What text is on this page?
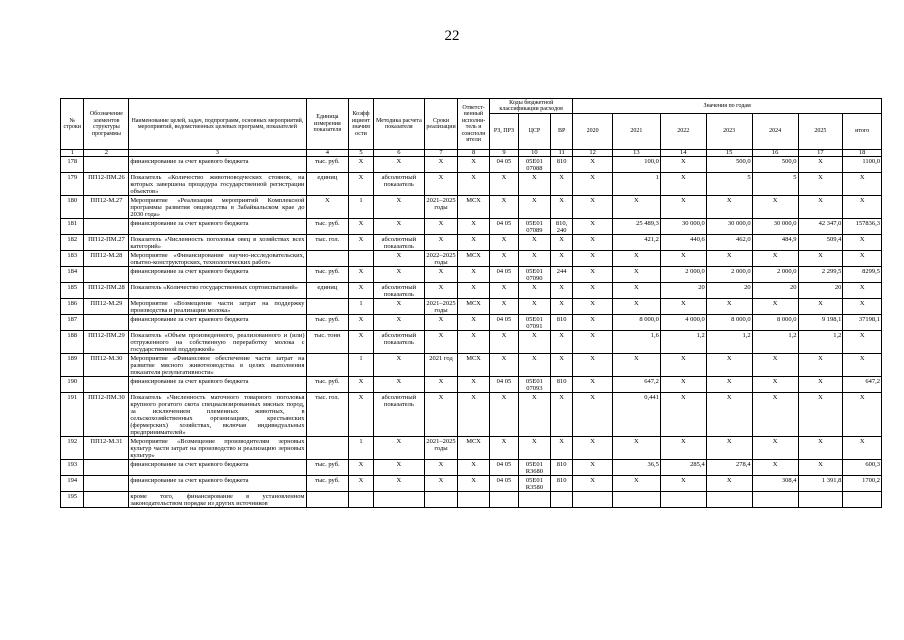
22
№ строки	Обозначение элементов структуры программы	Наименование целей, задач, подпрограмм, основных мероприятий, мероприятий, ведомственных целевых программ, показателей	Единица измерения показателя	Коэффициент значимости	Методика расчета показателя	Сроки реализации	Ответственный исполнитель и соисполнители	Коды бюджетной классификации расходов			Значения по годам						
								РЗ, ПРЗ	ЦСР	ВР	2020	2021	2022	2023	2024	2025	итого
1	2	3	4	5	6	7	8	9	10	11	12	13	14	15	16	17	18
178		финансирование за счет краевого бюджета	тыс. руб.	X	X	X	X	04 05	05Е01 07088	810	X	100,0	X	500,0	500,0	X	1100,0
179	ПП12-ПМ.26	Показатель «Количество животноводческих стоянок, на которых завершена процедура государственной регистрации объектов»	единиц	X	абсолютный показатель	X	X	X	X	X	X	1	X	5	5	X	X
180	ПП12-М.27	Мероприятие «Реализация мероприятий Комплексной программы развития овцеводства в Забайкальском крае до 2030 года»	X	1	X	2021–2025 годы	МСХ	X	X	X	X	X	X	X	X	X	X
181		финансирование за счет краевого бюджета	тыс. руб.	X	X	X	X	04 05	05Е01 07089	810, 240	X	25 489,3	30 000,0	30 000,0	30 000,0	42 347,0	157836,3
182	ПП12-ПМ.27	Показатель «Численность поголовья овец в хозяйствах всех категорий»	тыс. гол.	X	абсолютный показатель	X	X	X	X	X	X	421,2	440,6	462,0	484,9	509,4	X
183	ПП12-М.28	Мероприятие «Финансирование научно-исследовательских, опытно-конструкторских, технологических работ»			X	2022–2025 годы	МСХ	X	X	X	X	X	X	X	X	X	X
184		финансирование за счет краевого бюджета	тыс. руб.	X	X	X	X	04 05	05Е01 07090	244	X	X	2 000,0	2 000,0	2 000,0	2 299,5	8299,5
185	ПП12-ПМ.28	Показатель «Количество государственных сортоиспытаний»	единиц	X	абсолютный показатель	X	X	X	X	X	X	X	20	20	20	20	X
186	ПП12-М.29	Мероприятие «Возмещение части затрат на поддержку производства и реализации молока»		1	X	2021–2025 годы	МСХ	X	X	X	X	X	X	X	X	X	X
187		финансирование за счет краевого бюджета	тыс. руб.	X	X	X	X	04 05	05Е01 07091	810	X	8 000,0	4 000,0	8 000,0	8 000,0	9 198,1	37198,1
188	ПП12-ПМ.29	Показатель «Объем произведенного, реализованного и (или) отгруженного на собственную переработку молока с государственной поддержкой»	тыс. тонн	X	абсолютный показатель	X	X	X	X	X	X	1,6	1,2	1,2	1,2	1,2	X
189	ПП12-М.30	Мероприятие «Финансовое обеспечение части затрат на развитие мясного животноводства в целях выполнения показателя результативности»		1	X	2021 год	МСХ	X	X	X	X	X	X	X	X	X	X
190		финансирование за счет краевого бюджета	тыс. руб.	X	X	X	X	04 05	05Е01 07093	810	X	647,2	X	X	X	X	647,2
191	ПП12-ПМ.30	Показатель «Численность маточного товарного поголовья крупного рогатого скота специализированных мясных пород, за исключением племенных животных, в сельскохозяйственных организациях, крестьянских (фермерских) хозяйствах, включая индивидуальных предпринимателей»	тыс. гол.	X	абсолютный показатель	X	X	X	X	X	X	0,441	X	X	X	X	X
192	ПП12-М.31	Мероприятие «Возмещение производителям зерновых культур части затрат на производство и реализацию зерновых культур»		1	X	2021–2025 годы	МСХ	X	X	X	X	X	X	X	X	X	X
193		финансирование за счет краевого бюджета	тыс. руб.	X	X	X	X	04 05	05Е01 R3680	810	X	36,5	285,4	278,4	X	X	600,3
194		финансирование за счет краевого бюджета	тыс. руб.	X	X	X	X	04 05	05Е01 R3580	810	X	X	X	X	308,4	1 391,8	1700,2
195		кроме того, финансирование в установленном законодательством порядке из других источников															
